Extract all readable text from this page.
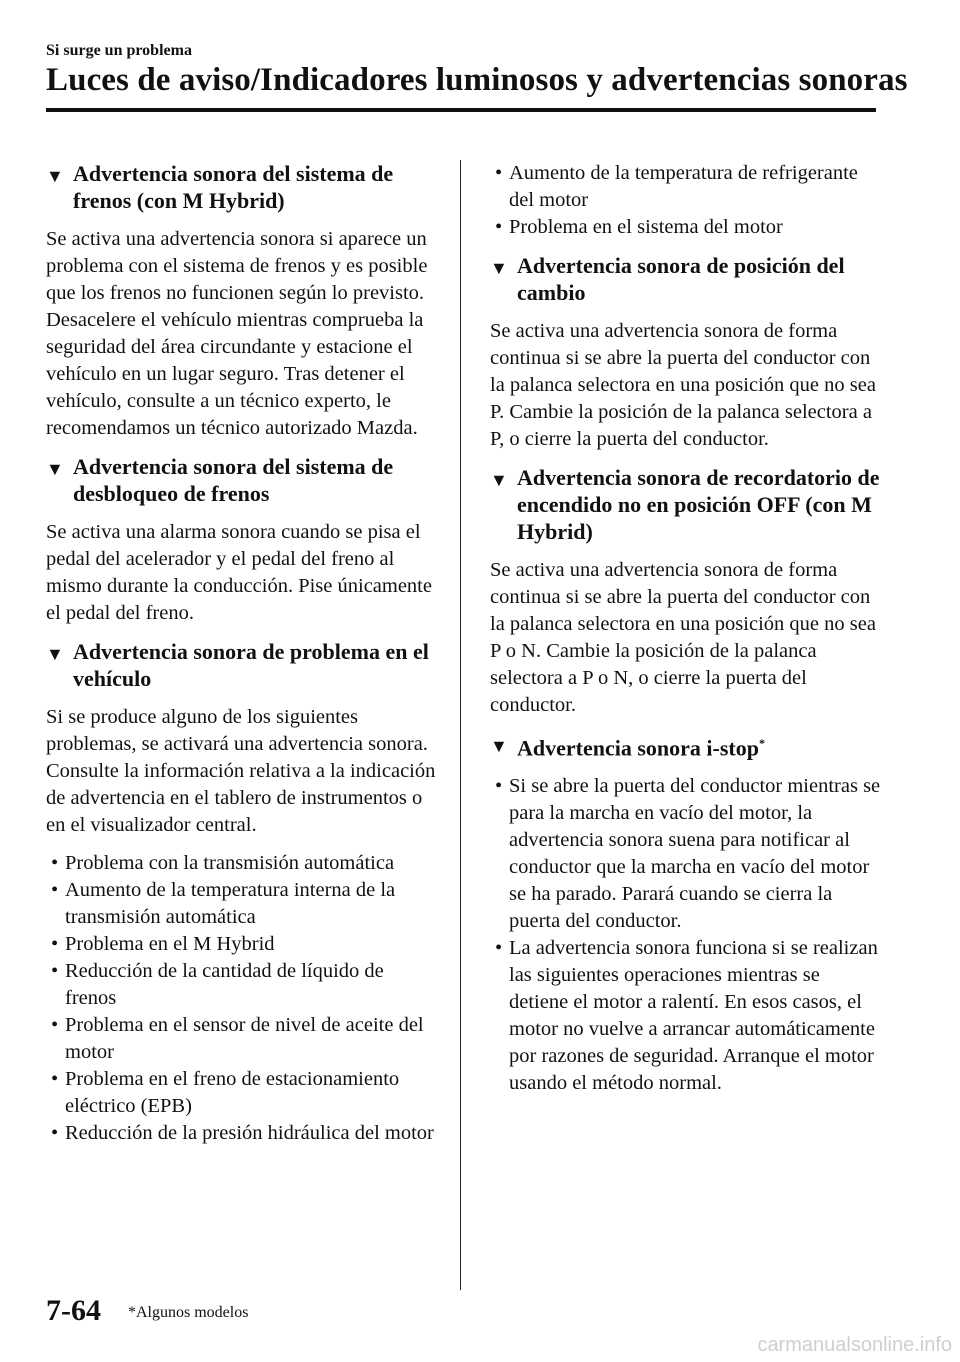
Si surge un problema
Luces de aviso/Indicadores luminosos y advertencias sonoras
▼ Advertencia sonora del sistema de frenos (con M Hybrid)
Se activa una advertencia sonora si aparece un problema con el sistema de frenos y es posible que los frenos no funcionen según lo previsto. Desacelere el vehículo mientras comprueba la seguridad del área circundante y estacione el vehículo en un lugar seguro. Tras detener el vehículo, consulte a un técnico experto, le recomendamos un técnico autorizado Mazda.
▼ Advertencia sonora del sistema de desbloqueo de frenos
Se activa una alarma sonora cuando se pisa el pedal del acelerador y el pedal del freno al mismo durante la conducción. Pise únicamente el pedal del freno.
▼ Advertencia sonora de problema en el vehículo
Si se produce alguno de los siguientes problemas, se activará una advertencia sonora. Consulte la información relativa a la indicación de advertencia en el tablero de instrumentos o en el visualizador central.
• Problema con la transmisión automática
• Aumento de la temperatura interna de la transmisión automática
• Problema en el M Hybrid
• Reducción de la cantidad de líquido de frenos
• Problema en el sensor de nivel de aceite del motor
• Problema en el freno de estacionamiento eléctrico (EPB)
• Reducción de la presión hidráulica del motor
• Aumento de la temperatura de refrigerante del motor
• Problema en el sistema del motor
▼ Advertencia sonora de posición del cambio
Se activa una advertencia sonora de forma continua si se abre la puerta del conductor con la palanca selectora en una posición que no sea P. Cambie la posición de la palanca selectora a P, o cierre la puerta del conductor.
▼ Advertencia sonora de recordatorio de encendido no en posición OFF (con M Hybrid)
Se activa una advertencia sonora de forma continua si se abre la puerta del conductor con la palanca selectora en una posición que no sea P o N. Cambie la posición de la palanca selectora a P o N, o cierre la puerta del conductor.
▼ Advertencia sonora i-stop*
• Si se abre la puerta del conductor mientras se para la marcha en vacío del motor, la advertencia sonora suena para notificar al conductor que la marcha en vacío del motor se ha parado. Parará cuando se cierra la puerta del conductor.
• La advertencia sonora funciona si se realizan las siguientes operaciones mientras se detiene el motor a ralentí. En esos casos, el motor no vuelve a arrancar automáticamente por razones de seguridad. Arranque el motor usando el método normal.
7-64 *Algunos modelos
carmanualsonline.info
